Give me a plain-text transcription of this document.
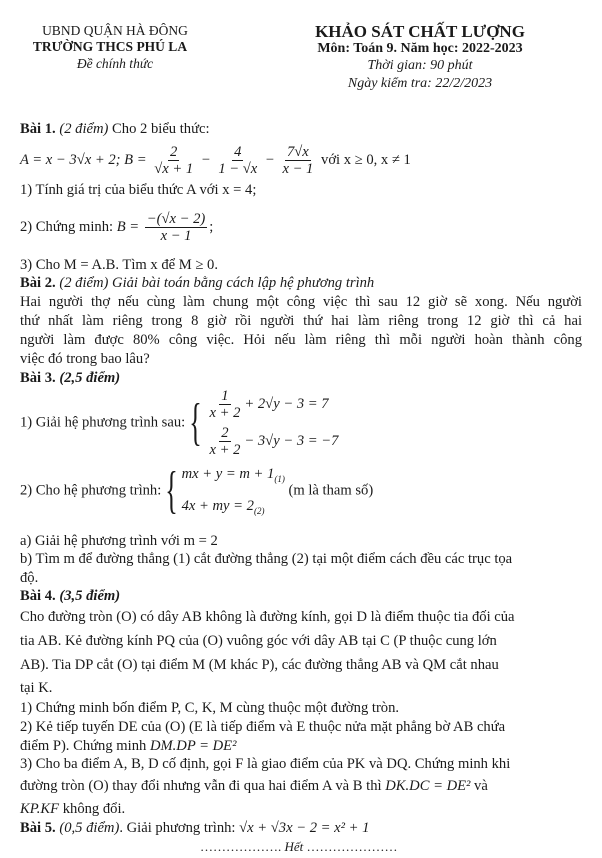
UBND QUẬN HÀ ĐÔNG
TRƯỜNG THCS PHÚ LA
Đề chính thức
KHẢO SÁT CHẤT LƯỢNG
Môn: Toán 9. Năm học: 2022-2023
Thời gian: 90 phút
Ngày kiểm tra: 22/2/2023
Bài 1. (2 điểm) Cho 2 biểu thức:
A = x − 3√x + 2; $B = \frac{2}{√x + 1} - \frac{4}{1 - √x} - \frac{7√x}{x - 1}$ với x ≥ 0, x ≠ 1
1) Tính giá trị của biểu thức A với x = 4;
2) Chứng minh: $B = \frac{-(√x - 2)}{x - 1}$ ;
3) Cho M = A.B. Tìm x để M ≥ 0.
Bài 2. (2 điểm) Giải bài toán bằng cách lập hệ phương trình
Hai người thợ nếu cùng làm chung một công việc thì sau 12 giờ sẽ xong. Nếu người
thứ nhất làm riêng trong 8 giờ rồi người thứ hai làm riêng trong 12 giờ thì cả hai
người làm được 80% công việc. Hỏi nếu làm riêng thì mỗi người hoàn thành công
việc đó trong bao lâu?
Bài 3. (2,5 điểm)
1) Giải hệ phương trình sau: { $\frac{1}{x + 2} + 2√y - 3 = 7$
$\frac{2}{x + 2} - 3√y - 3 = -7$
2) Cho hệ phương trình: { mx + $y = m + 1_{(1)}$
4x + my = $2_{(2)}$
(m là tham số)
a) Giải hệ phương trình với m = 2
b) Tìm m để đường thẳng (1) cắt đường thẳng (2) tại một điểm cách đều các trục tọa
độ.
Bài 4. (3,5 điểm)
Cho đường tròn (O) có dây AB không là đường kính, gọi D là điểm thuộc tia đối của
tia AB. Kẻ đường kính PQ của (O) vuông góc với dây AB tại C (P thuộc cung lớn
AB). Tia DP cắt (O) tại điểm M (M khác P), các đường thẳng AB và QM cắt nhau
tại K.
1) Chứng minh bốn điểm P, C, K, M cùng thuộc một đường tròn.
2) Kẻ tiếp tuyến DE của (O) (E là tiếp điểm và E thuộc nửa mặt phẳng bờ AB chứa
điểm P). Chứng minh DM.DP = DE²
3) Cho ba điểm A, B, D cố định, gọi F là giao điểm của PK và DQ. Chứng minh khi
đường tròn (O) thay đổi nhưng vẫn đi qua hai điểm A và B thì DK.DC = DE² và
KP.KF không đổi.
Bài 5. (0,5 điểm). Giải phương trình: √x + √3x − 2 = x² + 1
………………. Hết …………………
